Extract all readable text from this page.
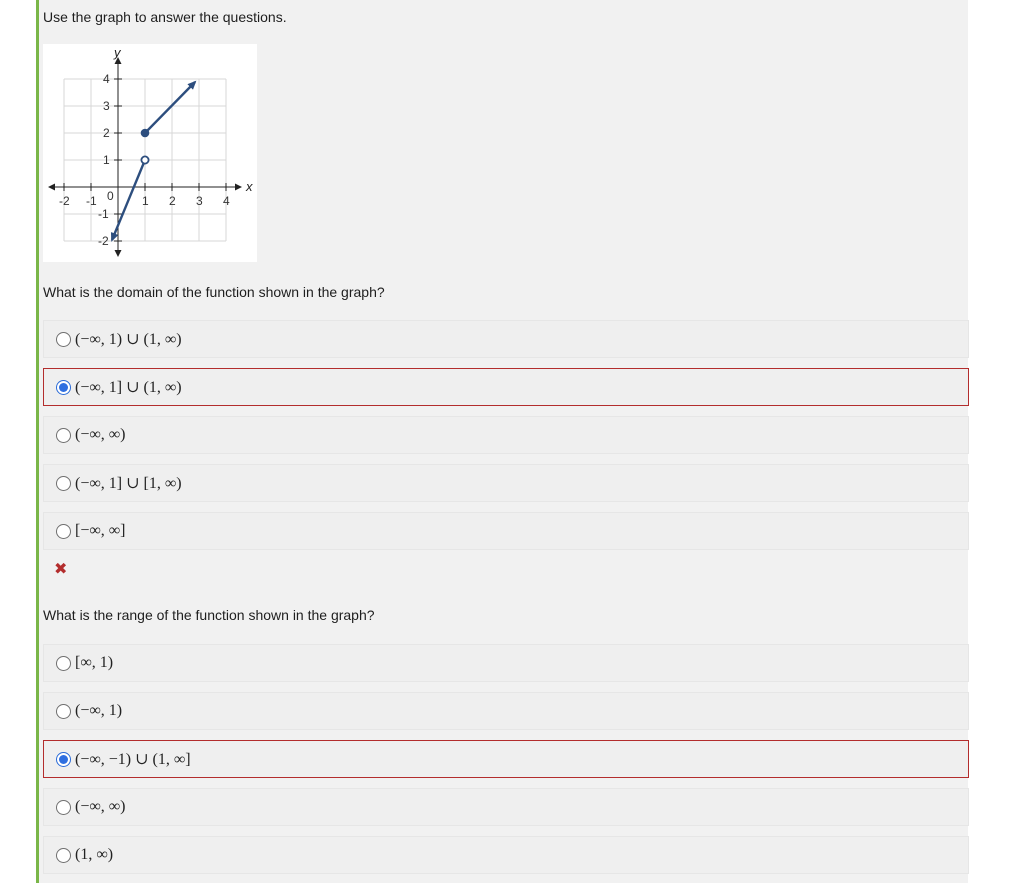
Use the graph to answer the questions.
x
y
-2 -1 0 1 2 3 4
4
3
2
1
-1
-2
What is the domain of the function shown in the graph?
(−∞, 1) ∪ (1, ∞)
(−∞, 1] ∪ (1, ∞)
(−∞, ∞)
(−∞, 1] ∪ [1, ∞)
[−∞, ∞]
✖
What is the range of the function shown in the graph?
[∞, 1)
(−∞, 1)
(−∞, −1) ∪ (1, ∞]
(−∞, ∞)
(1, ∞)
